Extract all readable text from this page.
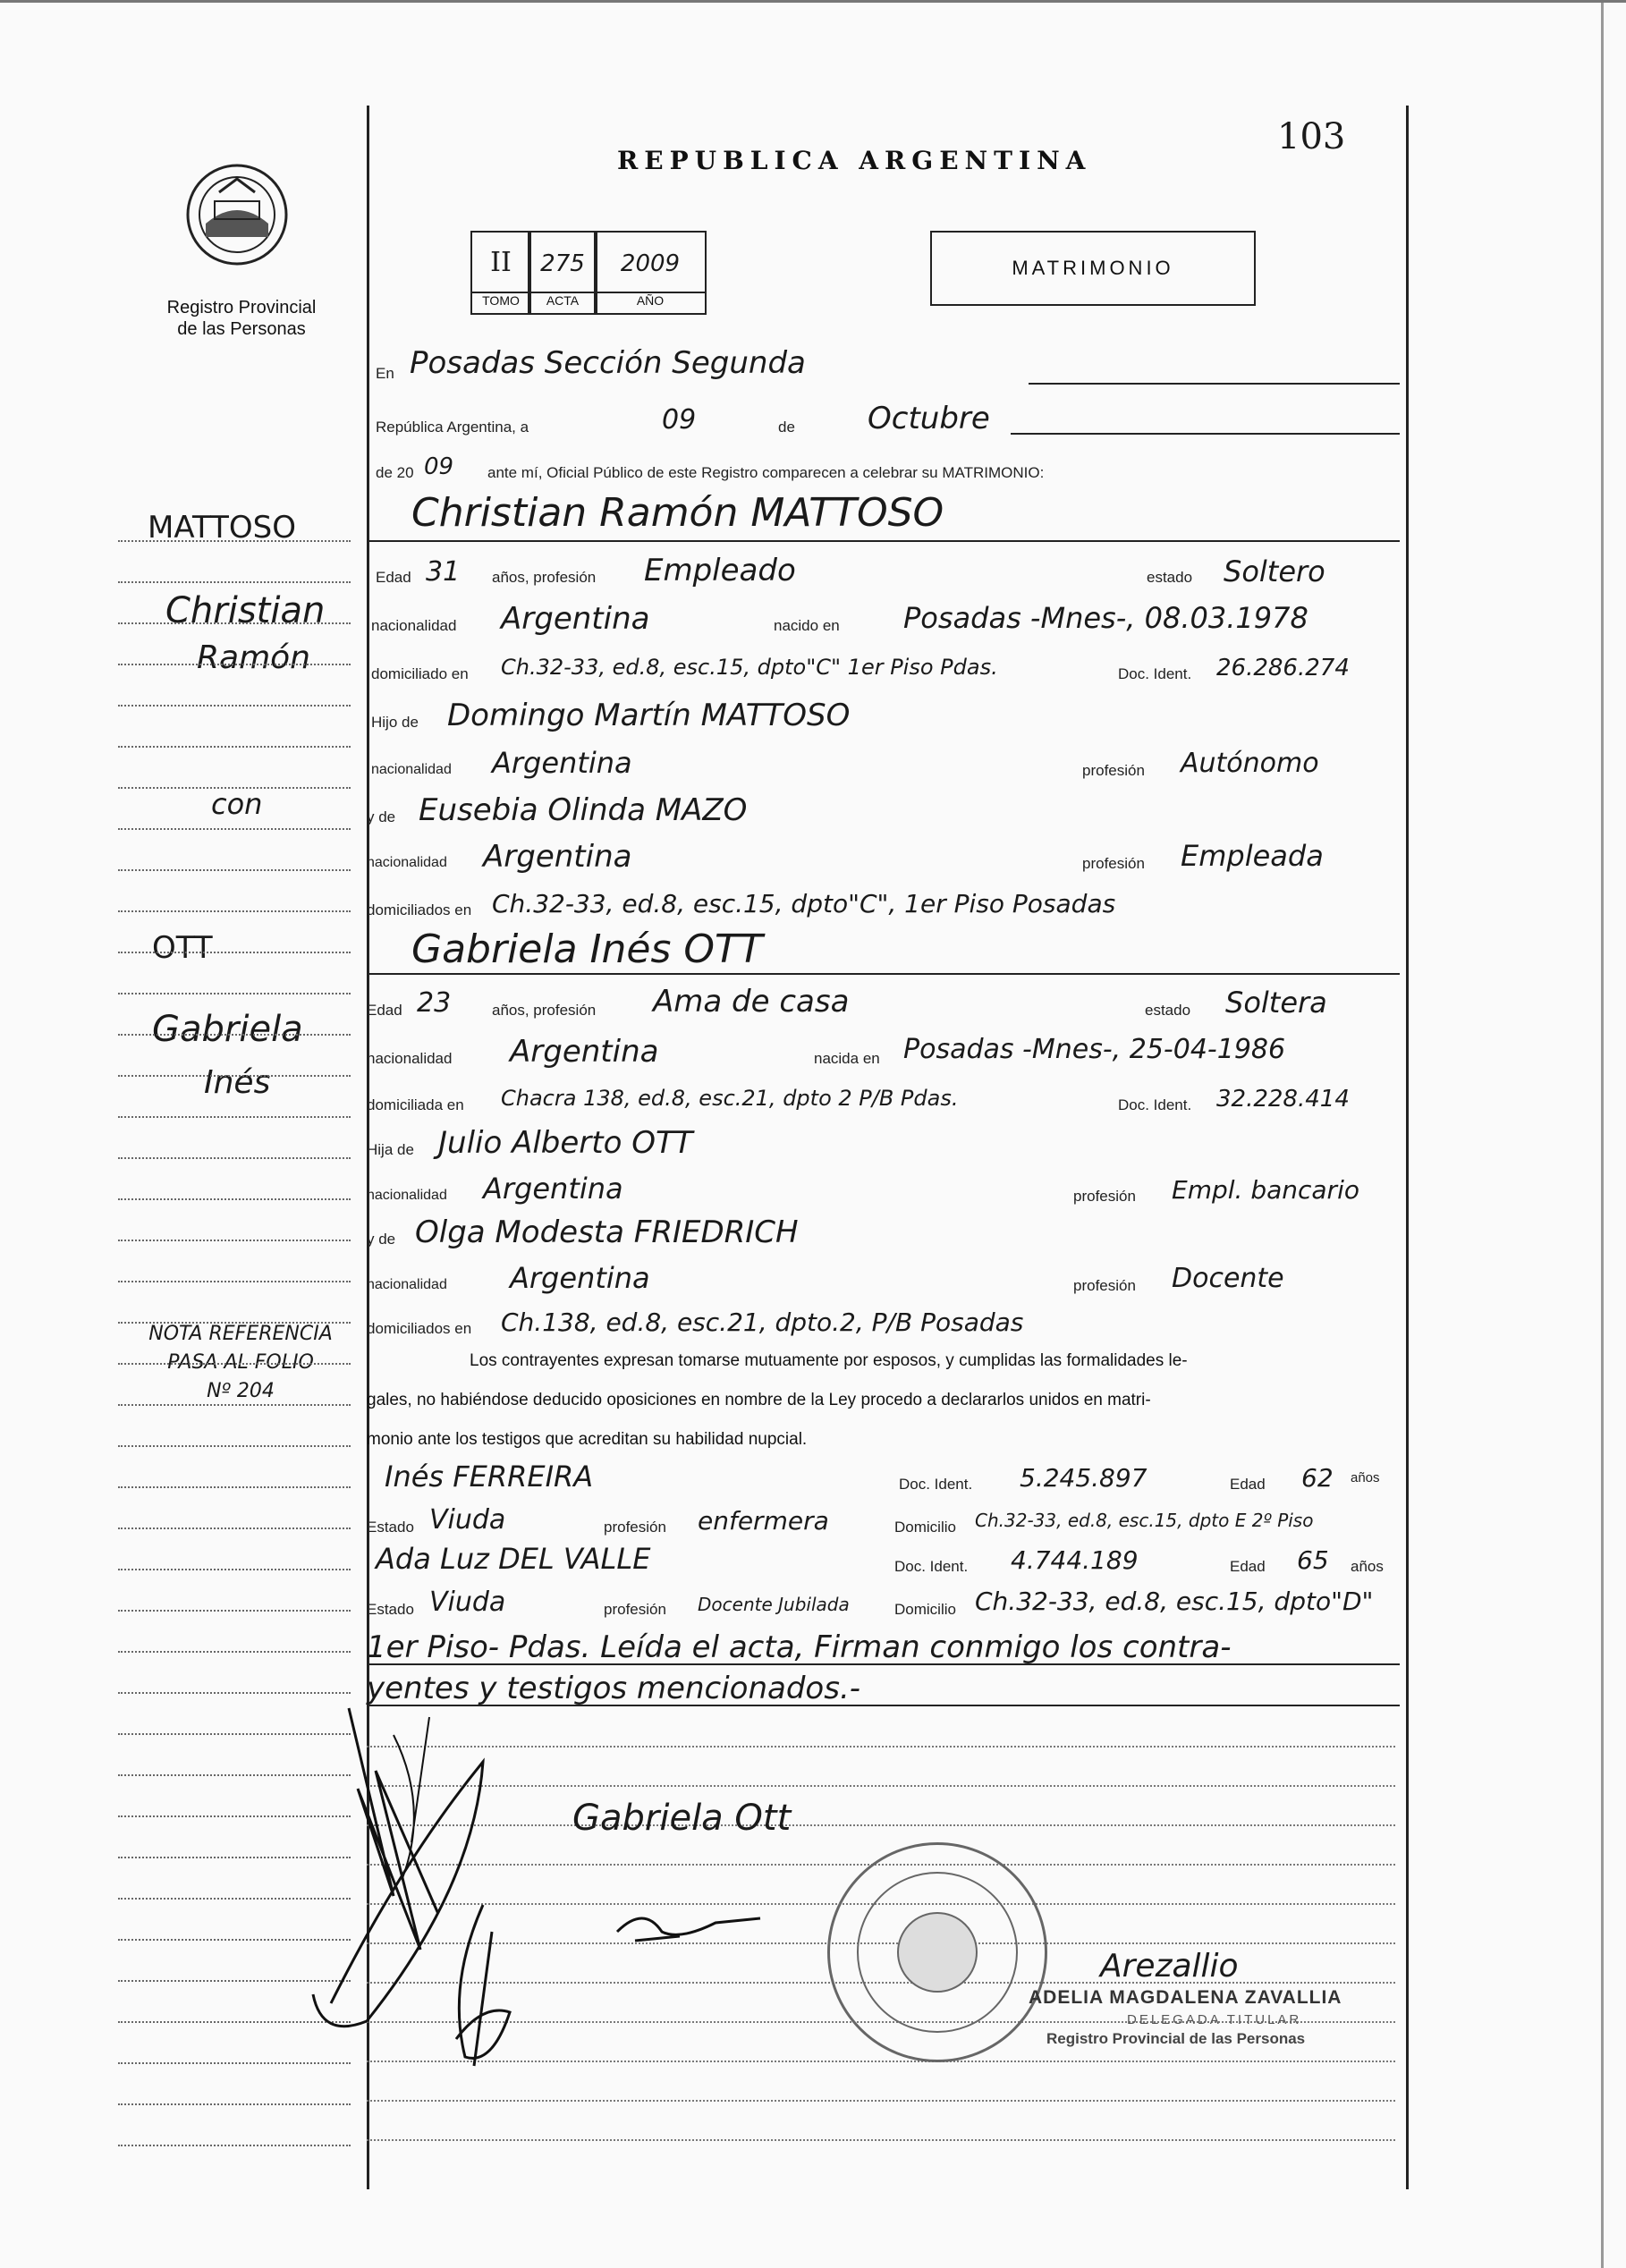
Registro Provincial
de las Personas
REPUBLICA ARGENTINA
103
II	275	2009
TOMO	ACTA	AÑO
MATRIMONIO
En Posadas Sección Segunda
República Argentina, a	09	de Octubre
de 20 09 ante mí, Oficial Público de este Registro comparecen a celebrar su MATRIMONIO:
Christian Ramón MATTOSO
Edad 31 años, profesión Empleado	estado Soltero
nacionalidad Argentina	nacido en Posadas -Mnes-, 08.03.1978
domiciliado en Ch.32-33, ed.8, esc.15, dpto"C" 1er Piso Pdas.	Doc. Ident. 26.286.274
Hijo de Domingo Martín MATTOSO
nacionalidad Argentina	profesión Autónomo
y de Eusebia Olinda MAZO
nacionalidad Argentina	profesión Empleada
domiciliados en Ch.32-33, ed.8, esc.15, dpto"C", 1er Piso Posadas
Gabriela Inés OTT
Edad 23	años, profesión Ama de casa	estado Soltera
nacionalidad Argentina	nacida en Posadas -Mnes-, 25-04-1986
domiciliada en Chacra 138, ed.8, esc.21, dpto 2 P/B Pdas.	Doc. Ident. 32.228.414
Hija de Julio Alberto OTT
nacionalidad Argentina	profesión Empl. bancario
y de Olga Modesta FRIEDRICH
nacionalidad Argentina	profesión Docente
domiciliados en Ch.138, ed.8, esc.21, dpto.2, P/B Posadas
Los contrayentes expresan tomarse mutuamente por esposos, y cumplidas las formalidades le-
gales, no habiéndose deducido oposiciones en nombre de la Ley procedo a declararlos unidos en matri-
monio ante los testigos que acreditan su habilidad nupcial.
Inés FERREIRA	Doc. Ident. 5.245.897	Edad 62 años
Estado Viuda	profesión enfermera	Domicilio Ch.32-33, ed.8, esc.15, dpto E 2º Piso
Ada Luz DEL VALLE	Doc. Ident. 4.744.189	Edad 65 años
Estado Viuda	profesión Docente Jubilada	Domicilio Ch.32-33, ed.8, esc.15, dpto"D"
1er Piso- Pdas. Leída el acta, Firman conmigo los contra-
yentes y testigos mencionados.-
MATTOSO
Christian
Ramón
con
OTT
Gabriela
Inés
NOTA REFERENCIA
PASA AL FOLIO
Nº 204
Gabriela Ott
Arezallio
ADELIA MAGDALENA ZAVALLIA
DELEGADA TITULAR
Registro Provincial de las Personas
